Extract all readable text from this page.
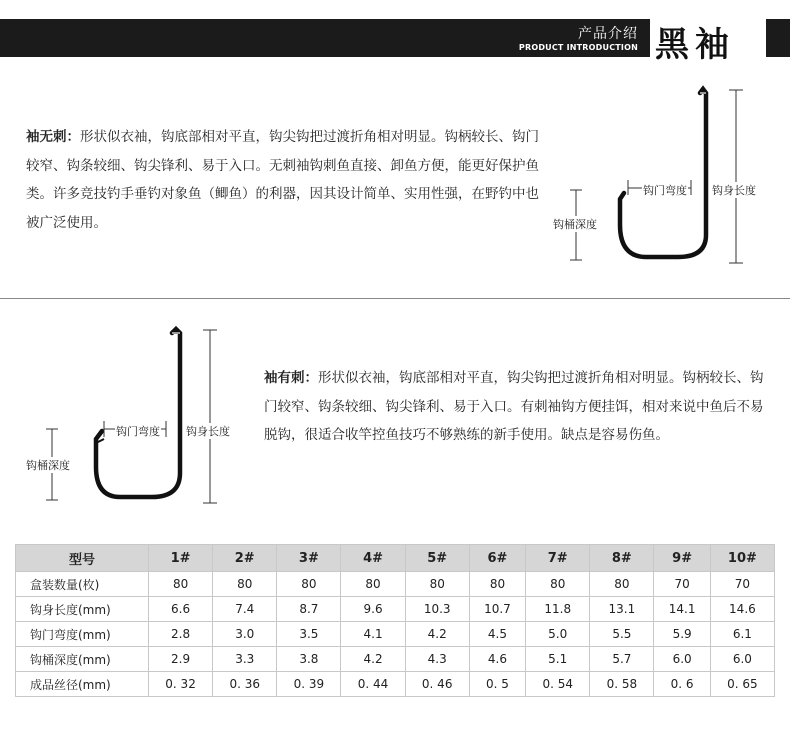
产品介绍
PRODUCT INTRODUCTION 黑袖
袖无刺：形状似衣袖，钩底部相对平直，钩尖钩把过渡折角相对明显。钩柄较长、钩门较窄、钩条较细、钩尖锋利、易于入口。无刺袖钩刺鱼直接、卸鱼方便，能更好保护鱼类。许多竞技钓手垂钓对象鱼（鲫鱼）的利器，因其设计简单、实用性强，在野钓中也被广泛使用。
钩门弯度 钩身长度
钩桶深度
钩门弯度 钩身长度
钩桶深度
袖有刺：形状似衣袖，钩底部相对平直，钩尖钩把过渡折角相对明显。钩柄较长、钩门较窄、钩条较细、钩尖锋利、易于入口。有刺袖钩方便挂饵，相对来说中鱼后不易脱钩，很适合收竿控鱼技巧不够熟练的新手使用。缺点是容易伤鱼。
型号	1#	2#	3#	4#	5#	6#	7#	8#	9#	10#
盒装数量(枚)	80	80	80	80	80	80	80	80	70	70
钩身长度(mm)	6.6	7.4	8.7	9.6	10.3	10.7	11.8	13.1	14.1	14.6
钩门弯度(mm)	2.8	3.0	3.5	4.1	4.2	4.5	5.0	5.5	5.9	6.1
钩桶深度(mm)	2.9	3.3	3.8	4.2	4.3	4.6	5.1	5.7	6.0	6.0
成品丝径(mm)	0. 32	0. 36	0. 39	0. 44	0. 46	0. 5	0. 54	0. 58	0. 6	0. 65
